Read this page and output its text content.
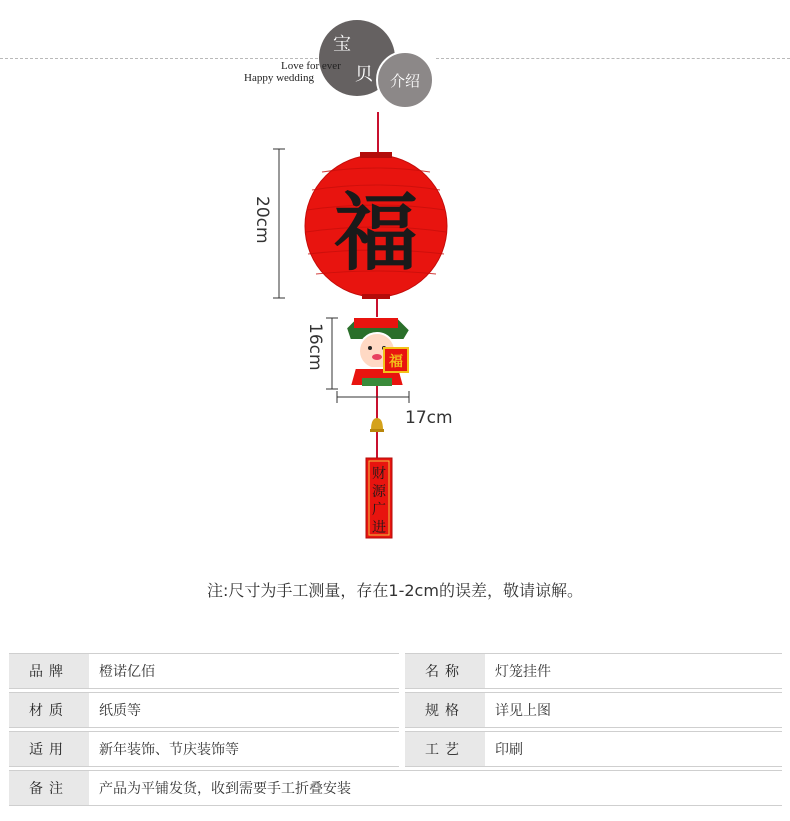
宝
贝	介绍
Love for ever
Happy wedding
福
福
财
源
广
进
20cm
16cm
17cm
注:尺寸为手工测量，存在1-2cm的误差，敬请谅解。
品牌	橙诺亿佰		名称	灯笼挂件
材质	纸质等		规格	详见上图
适用	新年装饰、节庆装饰等		工艺	印刷
备注	产品为平铺发货，收到需要手工折叠安装			
